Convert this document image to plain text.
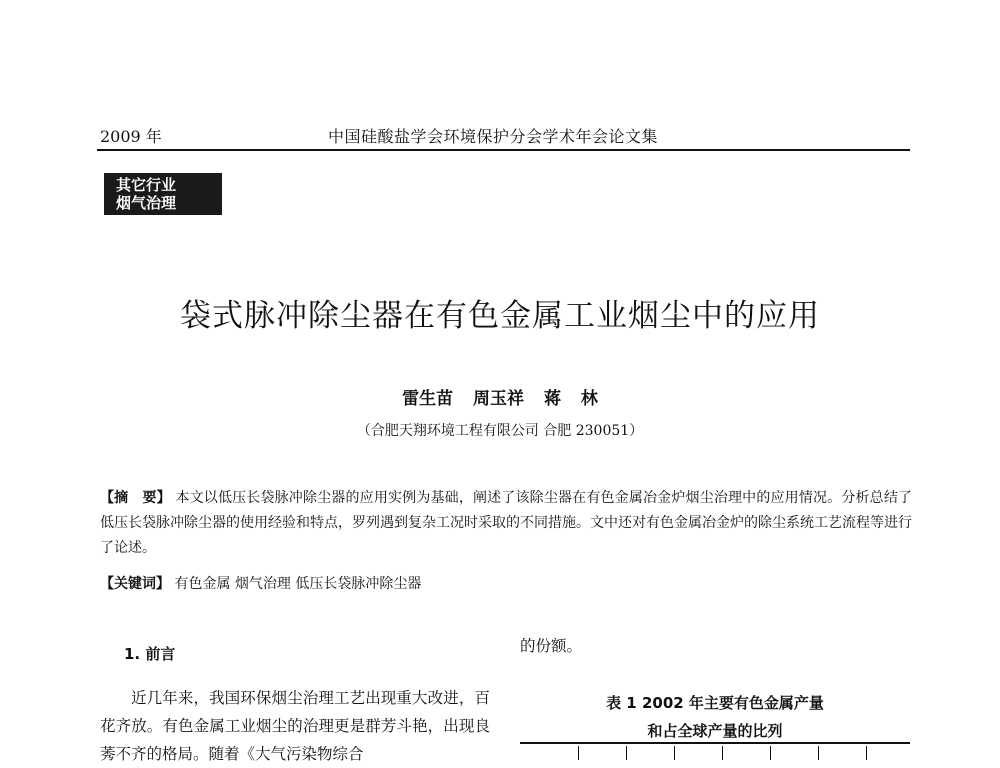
2009 年	中国硅酸盐学会环境保护分会学术年会论文集
其它行业
烟气治理
袋式脉冲除尘器在有色金属工业烟尘中的应用
雷生苗 周玉祥 蒋 林
（合肥天翔环境工程有限公司 合肥 230051）
【摘　要】 本文以低压长袋脉冲除尘器的应用实例为基础，阐述了该除尘器在有色金属冶金炉烟尘治理中的应用情况。分析总结了低压长袋脉冲除尘器的使用经验和特点，罗列遇到复杂工况时采取的不同措施。文中还对有色金属冶金炉的除尘系统工艺流程等进行了论述。
【关键词】 有色金属 烟气治理 低压长袋脉冲除尘器
1. 前言
近几年来，我国环保烟尘治理工艺出现重大改进，百花齐放。有色金属工业烟尘的治理更是群芳斗艳，出现良莠不齐的格局。随着《大气污染物综合
的份额。
表 1 2002 年主要有色金属产量
和占全球产量的比列
